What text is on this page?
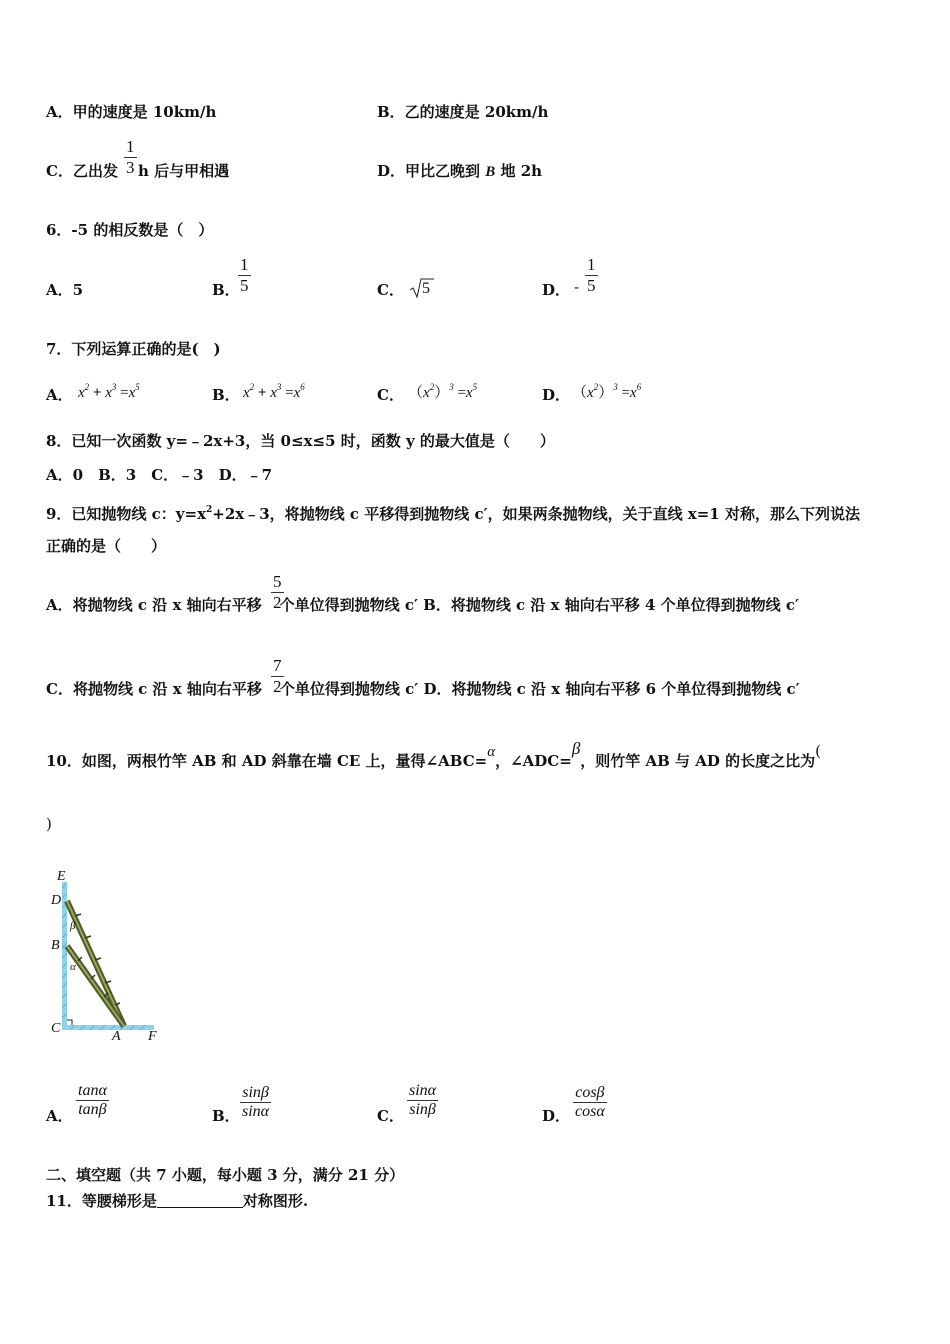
A．甲的速度是 10km/h	B．乙的速度是 20km/h
C．乙出发 h 后与甲相遇
1
3	D．甲比乙晚到 B 地 2h
6．-5 的相反数是（　）
A．5	B．
1
5	C． 5	D． -
1
5
7．下列运算正确的是(　)
A． $x^2 + x^3 =x^5$	B． $x^2 + x^3 =x^6$	C． $(x^2)^3 =x^5$	D． $(x^2)^3 =x^6$
8．已知一次函数 y=﹣2x+3，当 0≤x≤5 时，函数 y 的最大值是（　　）
A．0　B．3　C．﹣3　D．﹣7
9．已知抛物线 c：$y=x^2+2x﹣3$，将抛物线 c 平移得到抛物线 c′，如果两条抛物线，关于直线 x=1 对称，那么下列说法
正确的是（　　）
A．将抛物线 c 沿 x 轴向右平移 个单位得到抛物线 c′ B．将抛物线 c 沿 x 轴向右平移 4 个单位得到抛物线 c′
5
2
C．将抛物线 c 沿 x 轴向右平移 个单位得到抛物线 c′ D．将抛物线 c 沿 x 轴向右平移 6 个单位得到抛物线 c′
7
2
10．如图，两根竹竿 AB 和 AD 斜靠在墙 CE 上，量得∠ABC=α，∠ADC=β，则竹竿 AB 与 AD 的长度之比为(
)
E
D
B
C
A F
β
α
A．
tanα
tanβ	B．
sinβ
sinα	C．
sinα
sinβ	D．
cosβ
cosα
二、填空题（共 7 小题，每小题 3 分，满分 21 分）
11．等腰梯形是	对称图形.
